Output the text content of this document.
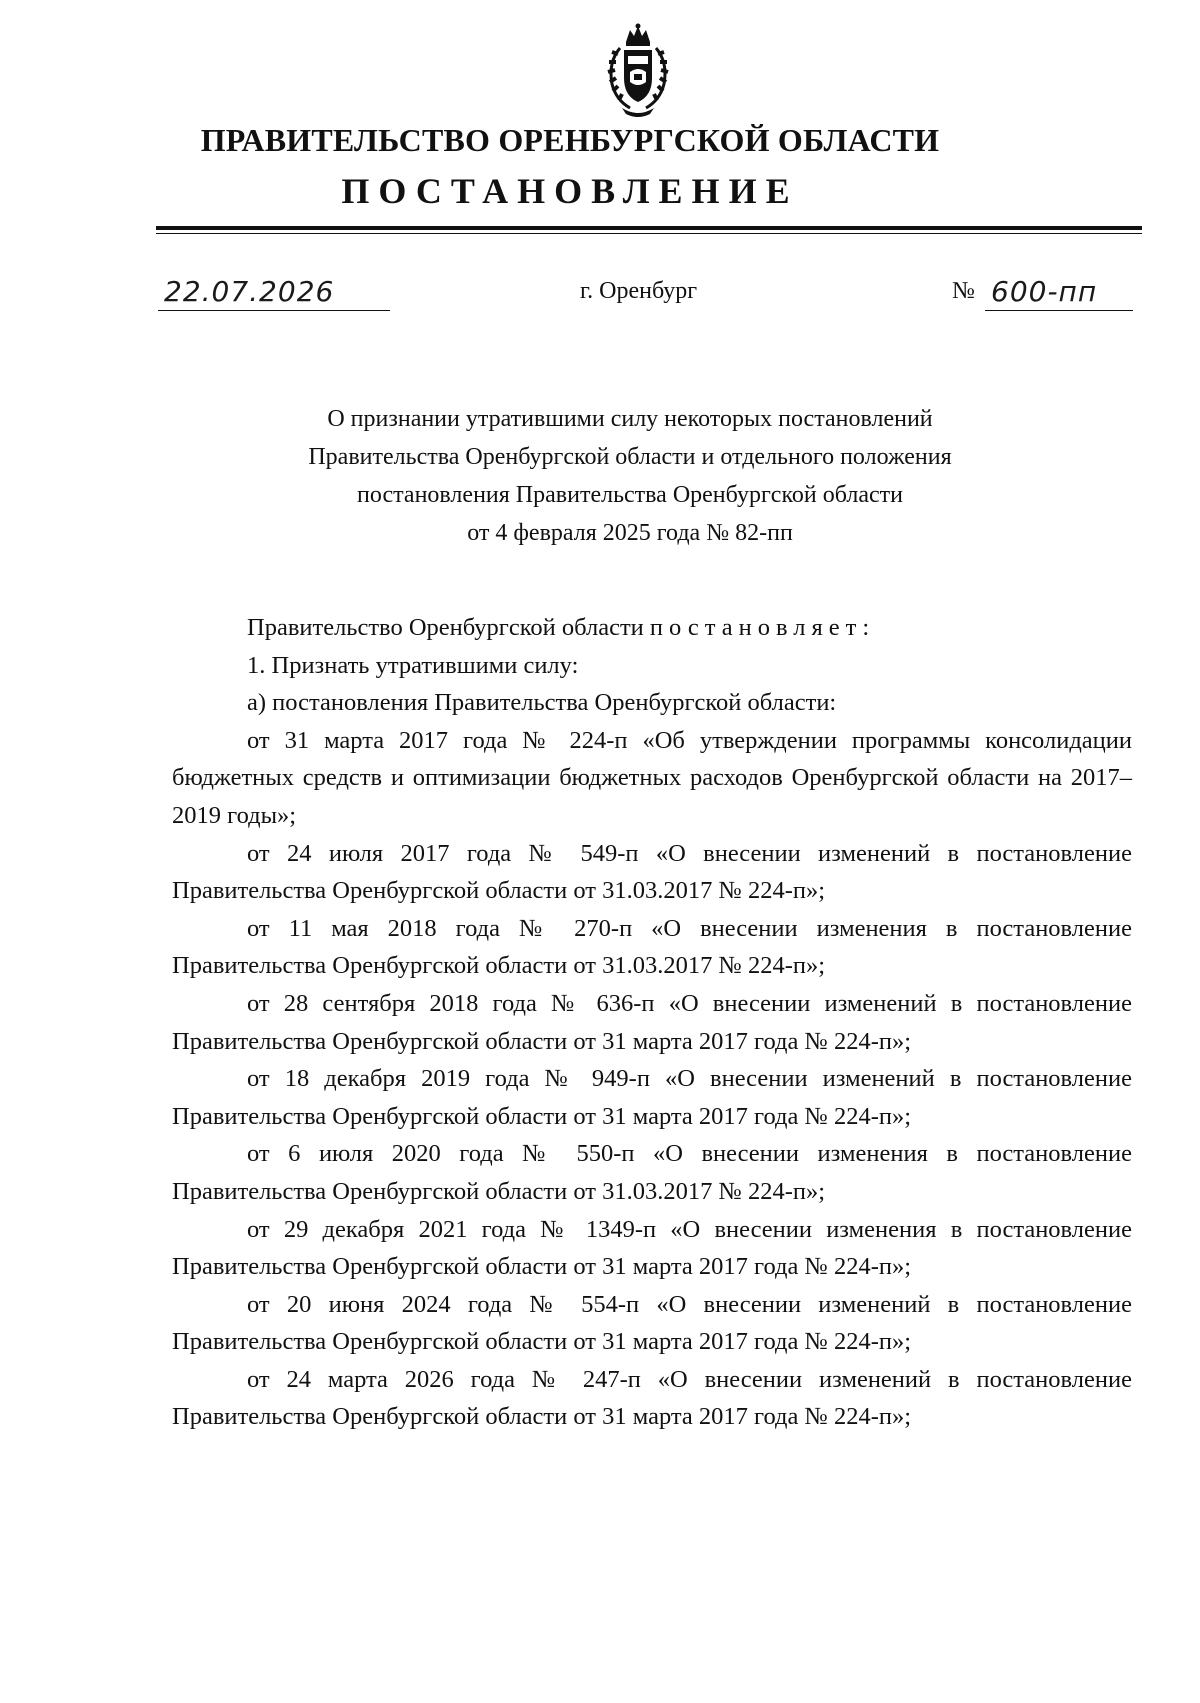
ПРАВИТЕЛЬСТВО ОРЕНБУРГСКОЙ ОБЛАСТИ
ПОСТАНОВЛЕНИЕ
22.07.2026	г. Оренбург	№ 600-пп
О признании утратившими силу некоторых постановлений
Правительства Оренбургской области и отдельного положения
постановления Правительства Оренбургской области
от 4 февраля 2025 года № 82-пп

Правительство Оренбургской области постановляет:

1. Признать утратившими силу:

а) постановления Правительства Оренбургской области:

от 31 марта 2017 года № 224-п «Об утверждении программы консолидации бюджетных средств и оптимизации бюджетных расходов Оренбургской области на 2017–2019 годы»;

от 24 июля 2017 года № 549-п «О внесении изменений в постановление Правительства Оренбургской области от 31.03.2017 № 224-п»;

от 11 мая 2018 года № 270-п «О внесении изменения в постановление Правительства Оренбургской области от 31.03.2017 № 224-п»;

от 28 сентября 2018 года № 636-п «О внесении изменений в постановление Правительства Оренбургской области от 31 марта 2017 года № 224-п»;

от 18 декабря 2019 года № 949-п «О внесении изменений в постановление Правительства Оренбургской области от 31 марта 2017 года № 224-п»;

от 6 июля 2020 года № 550-п «О внесении изменения в постановление Правительства Оренбургской области от 31.03.2017 № 224-п»;

от 29 декабря 2021 года № 1349-п «О внесении изменения в постановление Правительства Оренбургской области от 31 марта 2017 года № 224-п»;

от 20 июня 2024 года № 554-п «О внесении изменений в постановление Правительства Оренбургской области от 31 марта 2017 года № 224-п»;

от 24 марта 2026 года № 247-п «О внесении изменений в постановление Правительства Оренбургской области от 31 марта 2017 года № 224-п»;
